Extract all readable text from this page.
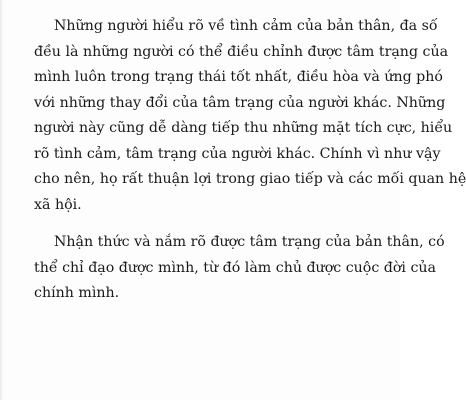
Những người hiểu rõ về tình cảm của bản thân, đa số
đều là những người có thể điều chỉnh được tâm trạng của
mình luôn trong trạng thái tốt nhất, điều hòa và ứng phó
với những thay đổi của tâm trạng của người khác. Những
người này cũng dễ dàng tiếp thu những mặt tích cực, hiểu
rõ tình cảm, tâm trạng của người khác. Chính vì như vậy
cho nên, họ rất thuận lợi trong giao tiếp và các mối quan hệ
xã hội.
Nhận thức và nắm rõ được tâm trạng của bản thân, có
thể chỉ đạo được mình, từ đó làm chủ được cuộc đời của
chính mình.
